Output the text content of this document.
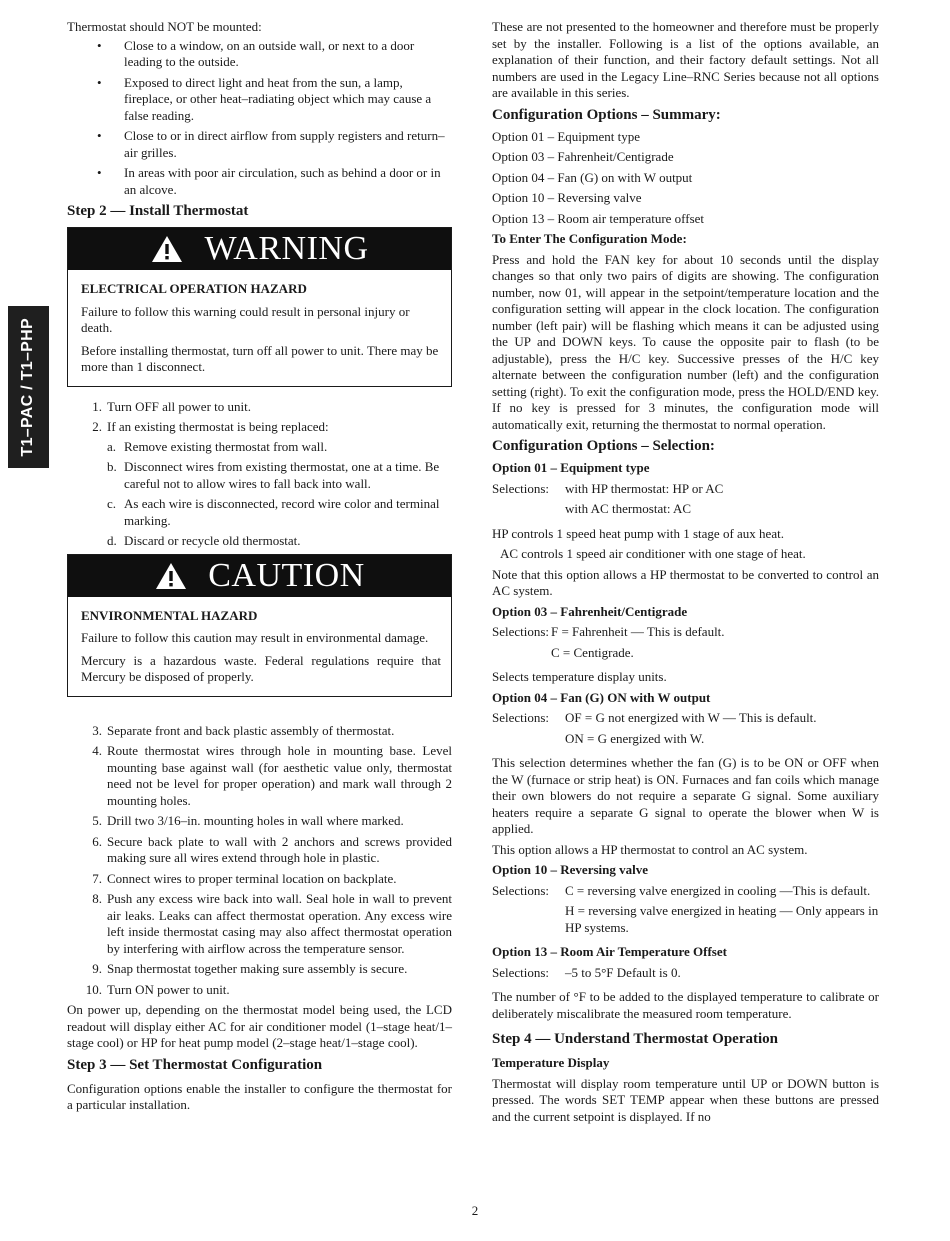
T1–PAC / T1–PHP

Thermostat should NOT be mounted:

• Close to a window, on an outside wall, or next to a door leading to the outside.
• Exposed to direct light and heat from the sun, a lamp, fireplace, or other heat–radiating object which may cause a false reading.
• Close to or in direct airflow from supply registers and return–air grilles.
• In areas with poor air circulation, such as behind a door or in an alcove.
Step 2 — Install Thermostat
WARNING

ELECTRICAL OPERATION HAZARD

Failure to follow this warning could result in personal injury or death.

Before installing thermostat, turn off all power to unit. There may be more than 1 disconnect.

1. Turn OFF all power to unit.
2. If an existing thermostat is being replaced:
a. Remove existing thermostat from wall.
b. Disconnect wires from existing thermostat, one at a time. Be careful not to allow wires to fall back into wall.
c. As each wire is disconnected, record wire color and terminal marking.
d. Discard or recycle old thermostat.
CAUTION

ENVIRONMENTAL HAZARD

Failure to follow this caution may result in environmental damage.

Mercury is a hazardous waste. Federal regulations require that Mercury be disposed of properly.

3. Separate front and back plastic assembly of thermostat.
4. Route thermostat wires through hole in mounting base. Level mounting base against wall (for aesthetic value only, thermostat need not be level for proper operation) and mark wall through 2 mounting holes.
5. Drill two 3/16–in. mounting holes in wall where marked.
6. Secure back plate to wall with 2 anchors and screws provided making sure all wires extend through hole in plastic.
7. Connect wires to proper terminal location on backplate.
8. Push any excess wire back into wall. Seal hole in wall to prevent air leaks. Leaks can affect thermostat operation. Any excess wire left inside thermostat casing may also affect thermostat operation by interfering with airflow across the temperature sensor.
9. Snap thermostat together making sure assembly is secure.
10. Turn ON power to unit.

On power up, depending on the thermostat model being used, the LCD readout will display either AC for air conditioner model (1–stage heat/1–stage cool) or HP for heat pump model (2–stage heat/1–stage cool).

Step 3 — Set Thermostat Configuration

Configuration options enable the installer to configure the thermostat for a particular installation.

These are not presented to the homeowner and therefore must be properly set by the installer. Following is a list of the options available, an explanation of their function, and their factory default settings. Not all numbers are used in the Legacy Line–RNC Series because not all options are available in this series.

Configuration Options – Summary:
Option 01 – Equipment type
Option 03 – Fahrenheit/Centigrade
Option 04 – Fan (G) on with W output
Option 10 – Reversing valve
Option 13 – Room air temperature offset
To Enter The Configuration Mode:

Press and hold the FAN key for about 10 seconds until the display changes so that only two pairs of digits are showing. The configuration number, now 01, will appear in the setpoint/temperature location and the configuration setting will appear in the clock location. The configuration number (left pair) will be flashing which means it can be adjusted using the UP and DOWN keys. To cause the opposite pair to flash (to be adjustable), press the H/C key. Successive presses of the H/C key alternate between the configuration number (left) and the configuration setting (right). To exit the configuration mode, press the HOLD/END key. If no key is pressed for 3 minutes, the configuration mode will automatically exit, returning the thermostat to normal operation.

Configuration Options – Selection:
Option 01 – Equipment type
Selections:	with HP thermostat: HP or AC
with AC thermostat: AC

HP controls 1 speed heat pump with 1 stage of aux heat.

AC controls 1 speed air conditioner with one stage of heat.

Note that this option allows a HP thermostat to be converted to control an AC system.

Option 03 – Fahrenheit/Centigrade
Selections: F = Fahrenheit — This is default.
C = Centigrade.

Selects temperature display units.

Option 04 – Fan (G) ON with W output
Selections:	OF = G not energized with W — This is default.
ON = G energized with W.

This selection determines whether the fan (G) is to be ON or OFF when the W (furnace or strip heat) is ON. Furnaces and fan coils which manage their own blowers do not require a separate G signal. Some auxiliary heaters require a separate G signal to operate the blower when W is applied.

This option allows a HP thermostat to control an AC system.

Option 10 – Reversing valve
Selections:	C = reversing valve energized in cooling —This is default.
H = reversing valve energized in heating — Only appears in HP systems.
Option 13 – Room Air Temperature Offset
Selections:	–5 to 5°F Default is 0.

The number of °F to be added to the displayed temperature to calibrate or deliberately miscalibrate the measured room temperature.

Step 4 — Understand Thermostat Operation
Temperature Display

Thermostat will display room temperature until UP or DOWN button is pressed. The words SET TEMP appear when these buttons are pressed and the current setpoint is displayed. If no

2
